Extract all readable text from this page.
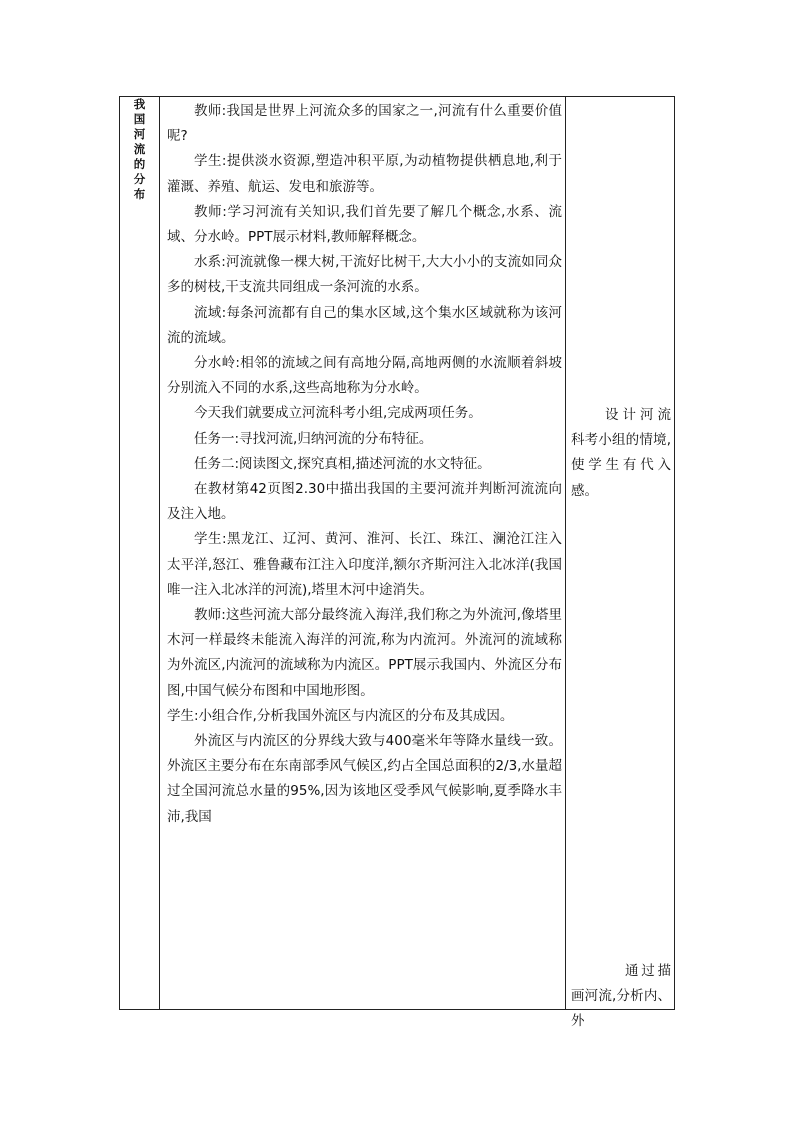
我国河流的分布	

教师:我国是世界上河流众多的国家之一,河流有什么重要价值呢?

学生:提供淡水资源,塑造冲积平原,为动植物提供栖息地,利于灌溉、养殖、航运、发电和旅游等。

教师:学习河流有关知识,我们首先要了解几个概念,水系、流域、分水岭。PPT展示材料,教师解释概念。

水系:河流就像一棵大树,干流好比树干,大大小小的支流如同众多的树枝,干支流共同组成一条河流的水系。

流域:每条河流都有自己的集水区域,这个集水区域就称为该河流的流域。

分水岭:相邻的流域之间有高地分隔,高地两侧的水流顺着斜坡分别流入不同的水系,这些高地称为分水岭。

今天我们就要成立河流科考小组,完成两项任务。

任务一:寻找河流,归纳河流的分布特征。

任务二:阅读图文,探究真相,描述河流的水文特征。

在教材第42页图2.30中描出我国的主要河流并判断河流流向及注入地。

学生:黑龙江、辽河、黄河、淮河、长江、珠江、澜沧江注入太平洋,怒江、雅鲁藏布江注入印度洋,额尔齐斯河注入北冰洋(我国唯一注入北冰洋的河流),塔里木河中途消失。

教师:这些河流大部分最终流入海洋,我们称之为外流河,像塔里木河一样最终未能流入海洋的河流,称为内流河。外流河的流域称为外流区,内流河的流域称为内流区。PPT展示我国内、外流区分布图,中国气候分布图和中国地形图。

学生:小组合作,分析我国外流区与内流区的分布及其成因。

外流区与内流区的分界线大致与400毫米年等降水量线一致。外流区主要分布在东南部季风气候区,约占全国总面积的2/3,水量超过全国河流总水量的95%,因为该地区受季风气候影响,夏季降水丰沛,我国

设计河流科考小组的情境,使学生有代入感。
通过描画河流,分析内、外
